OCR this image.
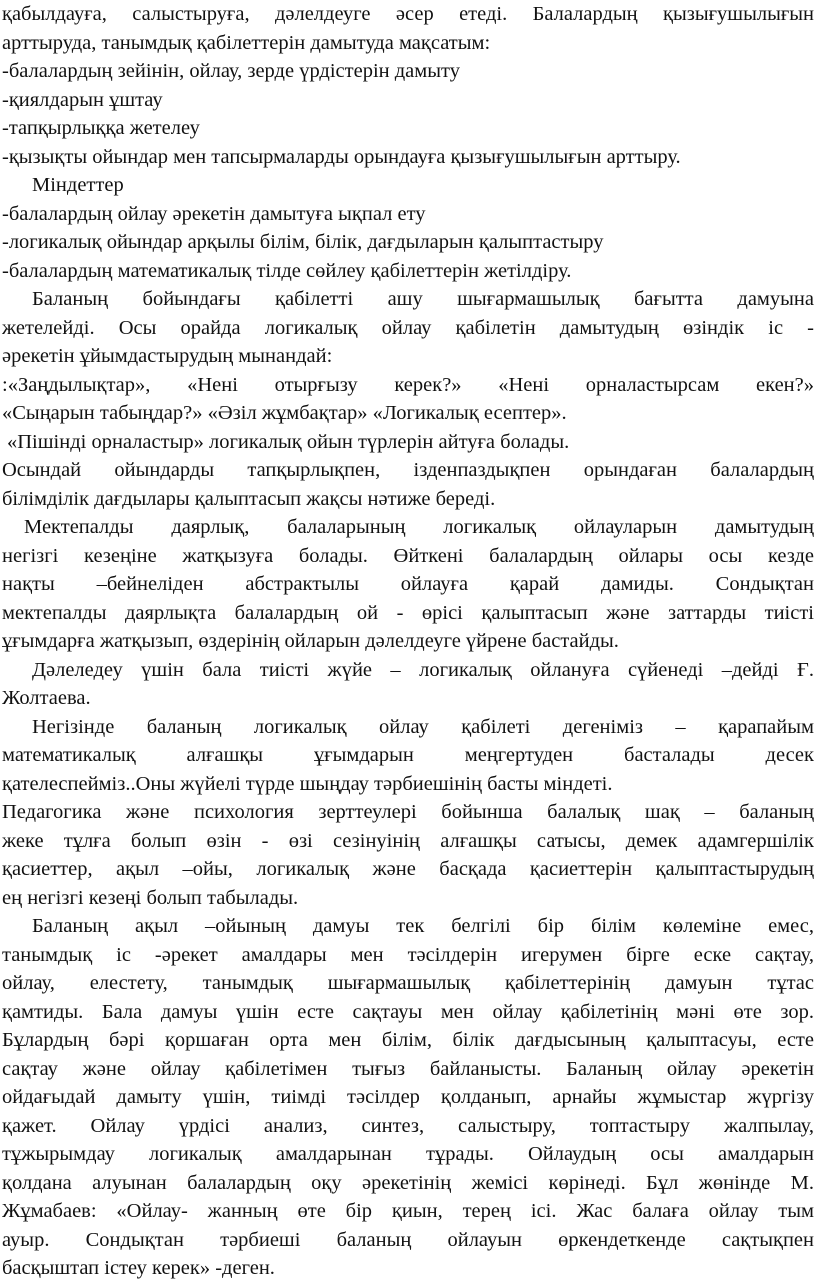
қабылдауға, салыстыруға, дәлелдеуге әсер етеді. Балалардың қызығушылығын
арттыруда, танымдық қабілеттерін дамытуда мақсатым:
-балалардың зейінін, ойлау, зерде үрдістерін дамыту
-қиялдарын ұштау
-тапқырлыққа жетелеу
-қызықты ойындар мен тапсырмаларды орындауға қызығушылығын арттыру.
Міндеттер
-балалардың ойлау әрекетін дамытуға ықпал ету
-логикалық ойындар арқылы білім, білік, дағдыларын қалыптастыру
-балалардың математикалық тілде сөйлеу қабілеттерін жетілдіру.
Баланың бойындағы қабілетті ашу шығармашылық бағытта дамуына
жетелейді. Осы орайда логикалық ойлау қабілетін дамытудың өзіндік іс -
әрекетін ұйымдастырудың мынандай:
:«Заңдылықтар», «Нені отырғызу керек?» «Нені орналастырсам екен?»
«Сыңарын табыңдар?» «Әзіл жұмбақтар» «Логикалық есептер».
«Пішінді орналастыр» логикалық ойын түрлерін айтуға болады.
Осындай ойындарды тапқырлықпен, ізденпаздықпен орындаған балалардың
білімділік дағдылары қалыптасып жақсы нәтиже береді.
Мектепалды даярлық, балаларының логикалық ойлауларын дамытудың
негізгі кезеңіне жатқызуға болады. Өйткені балалардың ойлары осы кезде
нақты –бейнеліден абстрактылы ойлауға қарай дамиды. Сондықтан
мектепалды даярлықта балалардың ой - өрісі қалыптасып және заттарды тиісті
ұғымдарға жатқызып, өздерінің ойларын дәлелдеуге үйрене бастайды.
Дәлеледеу үшін бала тиісті жүйе – логикалық ойлануға сүйенеді –дейді Ғ.
Жолтаева.
Негізінде баланың логикалық ойлау қабілеті дегеніміз – қарапайым
математикалық алғашқы ұғымдарын меңгертуден басталады десек
қателеспейміз..Оны жүйелі түрде шыңдау тәрбиешінің басты міндеті.
Педагогика және психология зерттеулері бойынша балалық шақ – баланың
жеке тұлға болып өзін - өзі сезінуінің алғашқы сатысы, демек адамгершілік
қасиеттер, ақыл –ойы, логикалық және басқада қасиеттерін қалыптастырудың
ең негізгі кезеңі болып табылады.
Баланың ақыл –ойының дамуы тек белгілі бір білім көлеміне емес,
танымдық іс -әрекет амалдары мен тәсілдерін игерумен бірге еске сақтау,
ойлау, елестету, танымдық шығармашылық қабілеттерінің дамуын тұтас
қамтиды. Бала дамуы үшін есте сақтауы мен ойлау қабілетінің мәні өте зор.
Бұлардың бәрі қоршаған орта мен білім, білік дағдысының қалыптасуы, есте
сақтау және ойлау қабілетімен тығыз байланысты. Баланың ойлау әрекетін
ойдағыдай дамыту үшін, тиімді тәсілдер қолданып, арнайы жұмыстар жүргізу
қажет. Ойлау үрдісі анализ, синтез, салыстыру, топтастыру жалпылау,
тұжырымдау логикалық амалдарынан тұрады. Ойлаудың осы амалдарын
қолдана алуынан балалардың оқу әрекетінің жемісі көрінеді. Бұл жөнінде М.
Жұмабаев: «Ойлау- жанның өте бір қиын, терең ісі. Жас балаға ойлау тым
ауыр. Сондықтан тәрбиеші баланың ойлауын өркендеткенде сақтықпен
басқыштап істеу керек» -деген.
